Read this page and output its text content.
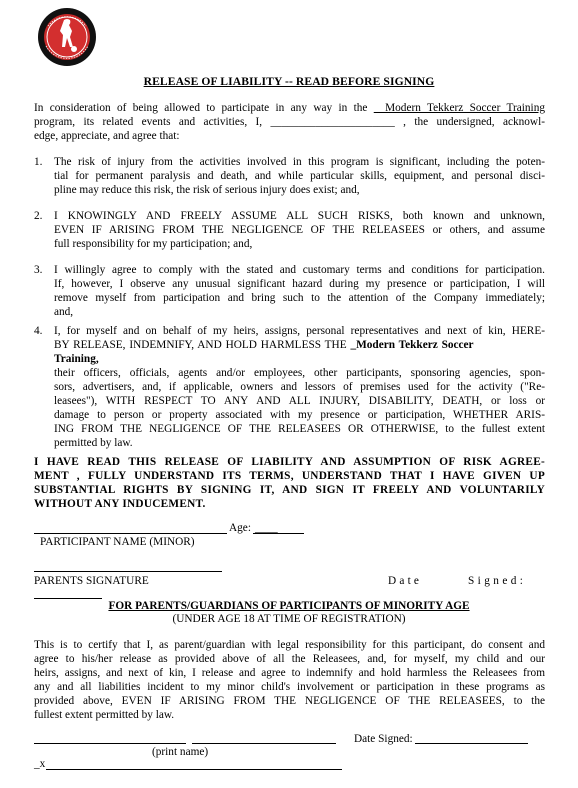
RELEASE OF LIABILITY -- READ BEFORE SIGNING
In consideration of being allowed to participate in any way in the __Modern Tekkerz Soccer Training
program, its related events and activities, I, ______________________ , the undersigned, acknowl-
edge, appreciate, and agree that:
1. The risk of injury from the activities involved in this program is significant, including the poten-
tial for permanent paralysis and death, and while particular skills, equipment, and personal disci-
pline may reduce this risk, the risk of serious injury does exist; and,
2. I KNOWINGLY AND FREELY ASSUME ALL SUCH RISKS, both known and unknown,
EVEN IF ARISING FROM THE NEGLIGENCE OF THE RELEASEES or others, and assume
full responsibility for my participation; and,
3. I willingly agree to comply with the stated and customary terms and conditions for participation.
If, however, I observe any unusual significant hazard during my presence or participation, I will
remove myself from participation and bring such to the attention of the Company immediately;
and,
4. I, for myself and on behalf of my heirs, assigns, personal representatives and next of kin, HERE-
BY RELEASE, INDEMNIFY, AND HOLD HARMLESS THE _Modern Tekkerz Soccer
Training,
their officers, officials, agents and/or employees, other participants, sponsoring agencies, spon-
sors, advertisers, and, if applicable, owners and lessors of premises used for the activity ("Re-
leasees"), WITH RESPECT TO ANY AND ALL INJURY, DISABILITY, DEATH, or loss or
damage to person or property associated with my presence or participation, WHETHER ARIS-
ING FROM THE NEGLIGENCE OF THE RELEASEES OR OTHERWISE, to the fullest extent
permitted by law.
I HAVE READ THIS RELEASE OF LIABILITY AND ASSUMPTION OF RISK AGREE-
MENT , FULLY UNDERSTAND ITS TERMS, UNDERSTAND THAT I HAVE GIVEN UP
SUBSTANTIAL RIGHTS BY SIGNING IT, AND SIGN IT FREELY AND VOLUNTARILY
WITHOUT ANY INDUCEMENT.
Age: ____
PARTICIPANT NAME (MINOR)
PARENTS SIGNATURE	Date	Signed:
FOR PARENTS/GUARDIANS OF PARTICIPANTS OF MINORITY AGE
(UNDER AGE 18 AT TIME OF REGISTRATION)
This is to certify that I, as parent/guardian with legal responsibility for this participant, do consent and
agree to his/her release as provided above of all the Releasees, and, for myself, my child and our
heirs, assigns, and next of kin, I release and agree to indemnify and hold harmless the Releasees from
any and all liabilities incident to my minor child's involvement or participation in these programs as
provided above, EVEN IF ARISING FROM THE NEGLIGENCE OF THE RELEASEES, to the
fullest extent permitted by law.
Date Signed:
(print name)
_x
